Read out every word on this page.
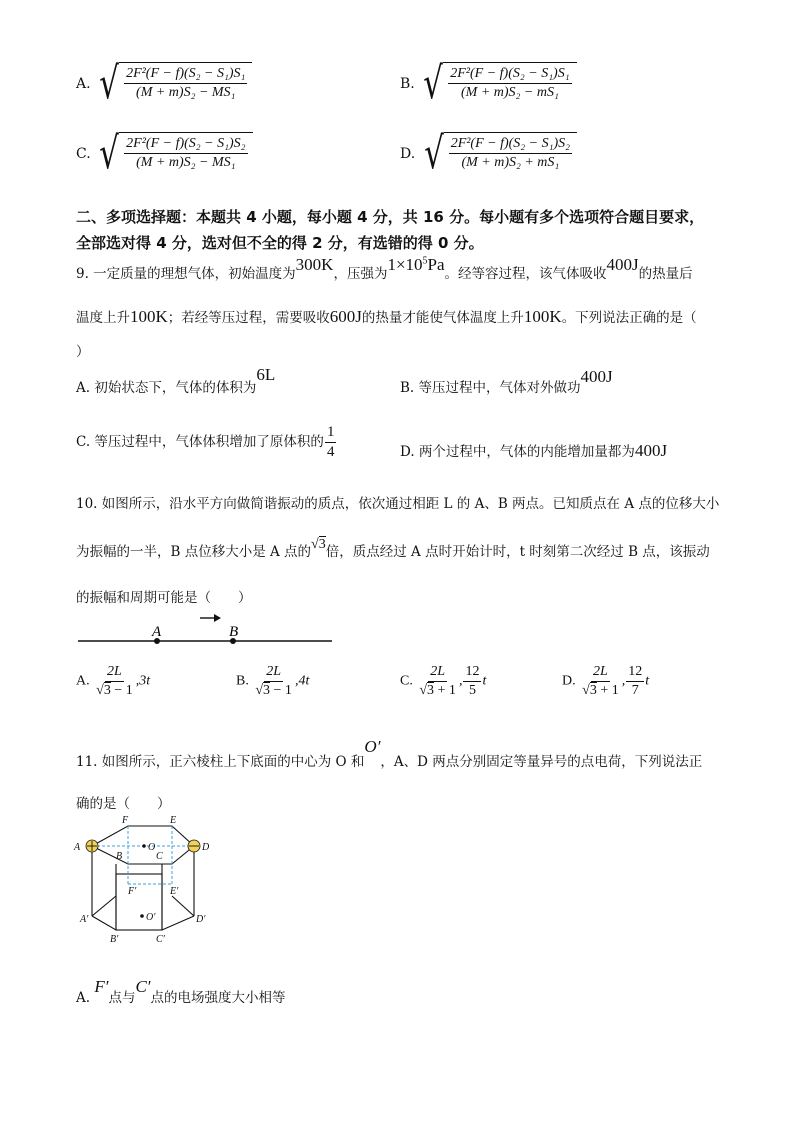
A. √ $\frac{\text{2F²(F − f)(S₂ − S₁)S₁}}{\text{(M + m)S₂ − MS₁}}$	B. √ $\frac{\text{2F²(F − f)(S₂ − S₁)S₁}}{\text{(M + m)S₂ − mS₁}}$
C. √ $\frac{\text{2F²(F − f)(S₂ − S₁)S₂}}{\text{(M + m)S₂ − MS₁}}$	D. √ $\frac{\text{2F²(F − f)(S₂ − S₁)S₂}}{\text{(M + m)S₂ + mS₁}}$
二、多项选择题：本题共 4 小题，每小题 4 分，共 16 分。每小题有多个选项符合题目要求，
全部选对得 4 分，选对但不全的得 2 分，有选错的得 0 分。
9. 一定质量的理想气体，初始温度为300K，压强为$1\times 10^5Pa$。经等容过程，该气体吸收400J的热量后
温度上升100K；若经等压过程，需要吸收600J的热量才能使气体温度上升100K。下列说法正确的是（
）
A. 初始状态下，气体的体积为6L
B. 等压过程中，气体对外做功400J
C. 等压过程中，气体体积增加了原体积的 $\frac{1}{4}$	D. 两个过程中，气体的内能增加量都为400J
10. 如图所示，沿水平方向做简谐振动的质点，依次通过相距 L 的 A、B 两点。已知质点在 A 点的位移大小
为振幅的一半，B 点位移大小是 A 点的√3倍，质点经过 A 点时开始计时，t 时刻第二次经过 B 点，该振动
的振幅和周期可能是（　　）
A	B
A. $\frac{2L}{√3 - 1} ,3t$	B. $\frac{2L}{√3 - 1} ,4t$	C. $\frac{2L}{√3 + 1}$ , $\frac{12}{5}$ t	D. $\frac{2L}{√3 + 1}$ , $\frac{12}{7}$ t
11. 如图所示，正六棱柱上下底面的中心为 O 和O′，A、D 两点分别固定等量异号的点电荷，下列说法正
确的是（　　）
F	E
A	D
B	C
O
F′	E′
A′	D′
O′
B′	C′
A. F′点与C′点的电场强度大小相等
